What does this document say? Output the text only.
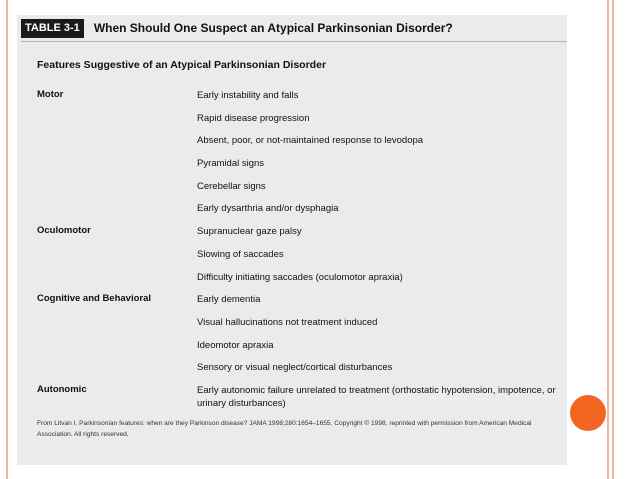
TABLE 3-1	When Should One Suspect an Atypical Parkinsonian Disorder?
Features Suggestive of an Atypical Parkinsonian Disorder
Motor	Early instability and falls
Rapid disease progression
Absent, poor, or not-maintained response to levodopa
Pyramidal signs
Cerebellar signs
Early dysarthria and/or dysphagia
Oculomotor	Supranuclear gaze palsy
Slowing of saccades
Difficulty initiating saccades (oculomotor apraxia)
Cognitive and Behavioral	Early dementia
Visual hallucinations not treatment induced
Ideomotor apraxia
Sensory or visual neglect/cortical disturbances
Autonomic	Early autonomic failure unrelated to treatment (orthostatic hypotension, impotence, or urinary disturbances)
From Litvan I. Parkinsonian features: when are they Parkinson disease? JAMA 1998;280:1654–1655. Copyright © 1998, reprinted with permission from American Medical Association. All rights reserved.
